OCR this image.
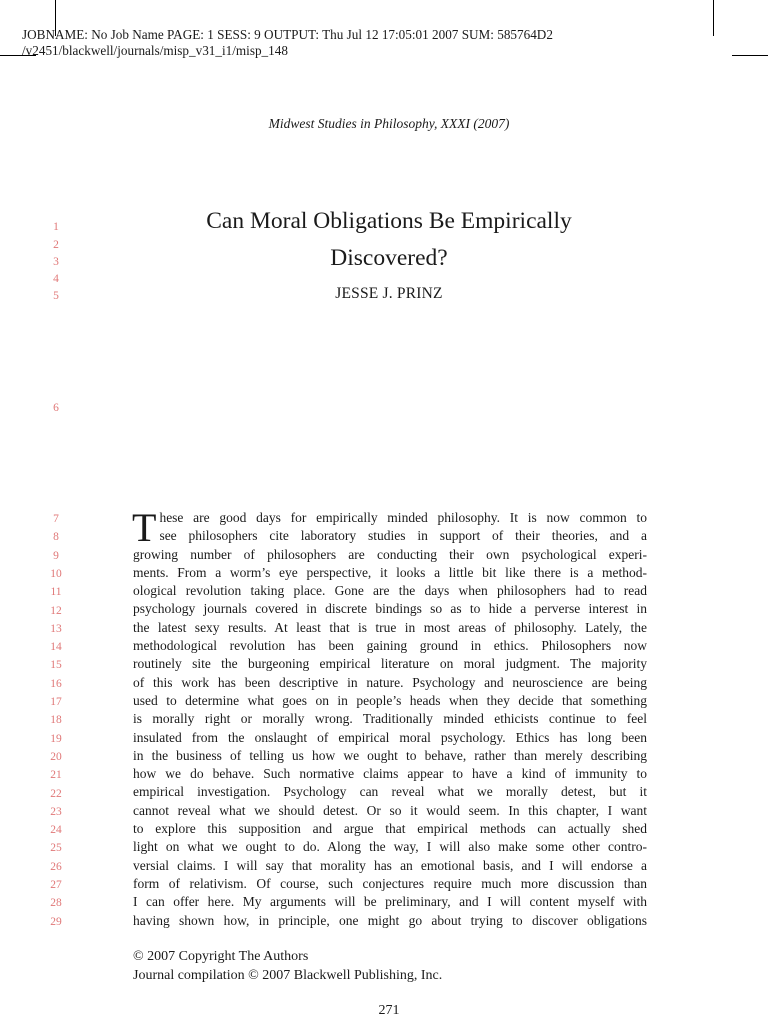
JOBNAME: No Job Name PAGE: 1 SESS: 9 OUTPUT: Thu Jul 12 17:05:01 2007 SUM: 585764D2
/v2451/blackwell/journals/misp_v31_i1/misp_148
Midwest Studies in Philosophy, XXXI (2007)
Can Moral Obligations Be Empirically
Discovered?
JESSE J. PRINZ
1
2
3
4
5
6
7
8
9
10
11
12
13
14
15
16
17
18
19
20
21
22
23
24
25
26
27
28
29
T hese are good days for empirically minded philosophy. It is now common to
see philosophers cite laboratory studies in support of their theories, and a
growing number of philosophers are conducting their own psychological experi-
ments. From a worm’s eye perspective, it looks a little bit like there is a method-
ological revolution taking place. Gone are the days when philosophers had to read
psychology journals covered in discrete bindings so as to hide a perverse interest in
the latest sexy results. At least that is true in most areas of philosophy. Lately, the
methodological revolution has been gaining ground in ethics. Philosophers now
routinely site the burgeoning empirical literature on moral judgment. The majority
of this work has been descriptive in nature. Psychology and neuroscience are being
used to determine what goes on in people’s heads when they decide that something
is morally right or morally wrong. Traditionally minded ethicists continue to feel
insulated from the onslaught of empirical moral psychology. Ethics has long been
in the business of telling us how we ought to behave, rather than merely describing
how we do behave. Such normative claims appear to have a kind of immunity to
empirical investigation. Psychology can reveal what we morally detest, but it
cannot reveal what we should detest. Or so it would seem. In this chapter, I want
to explore this supposition and argue that empirical methods can actually shed
light on what we ought to do. Along the way, I will also make some other contro-
versial claims. I will say that morality has an emotional basis, and I will endorse a
form of relativism. Of course, such conjectures require much more discussion than
I can offer here. My arguments will be preliminary, and I will content myself with
having shown how, in principle, one might go about trying to discover obligations
© 2007 Copyright The Authors
Journal compilation © 2007 Blackwell Publishing, Inc.
271
